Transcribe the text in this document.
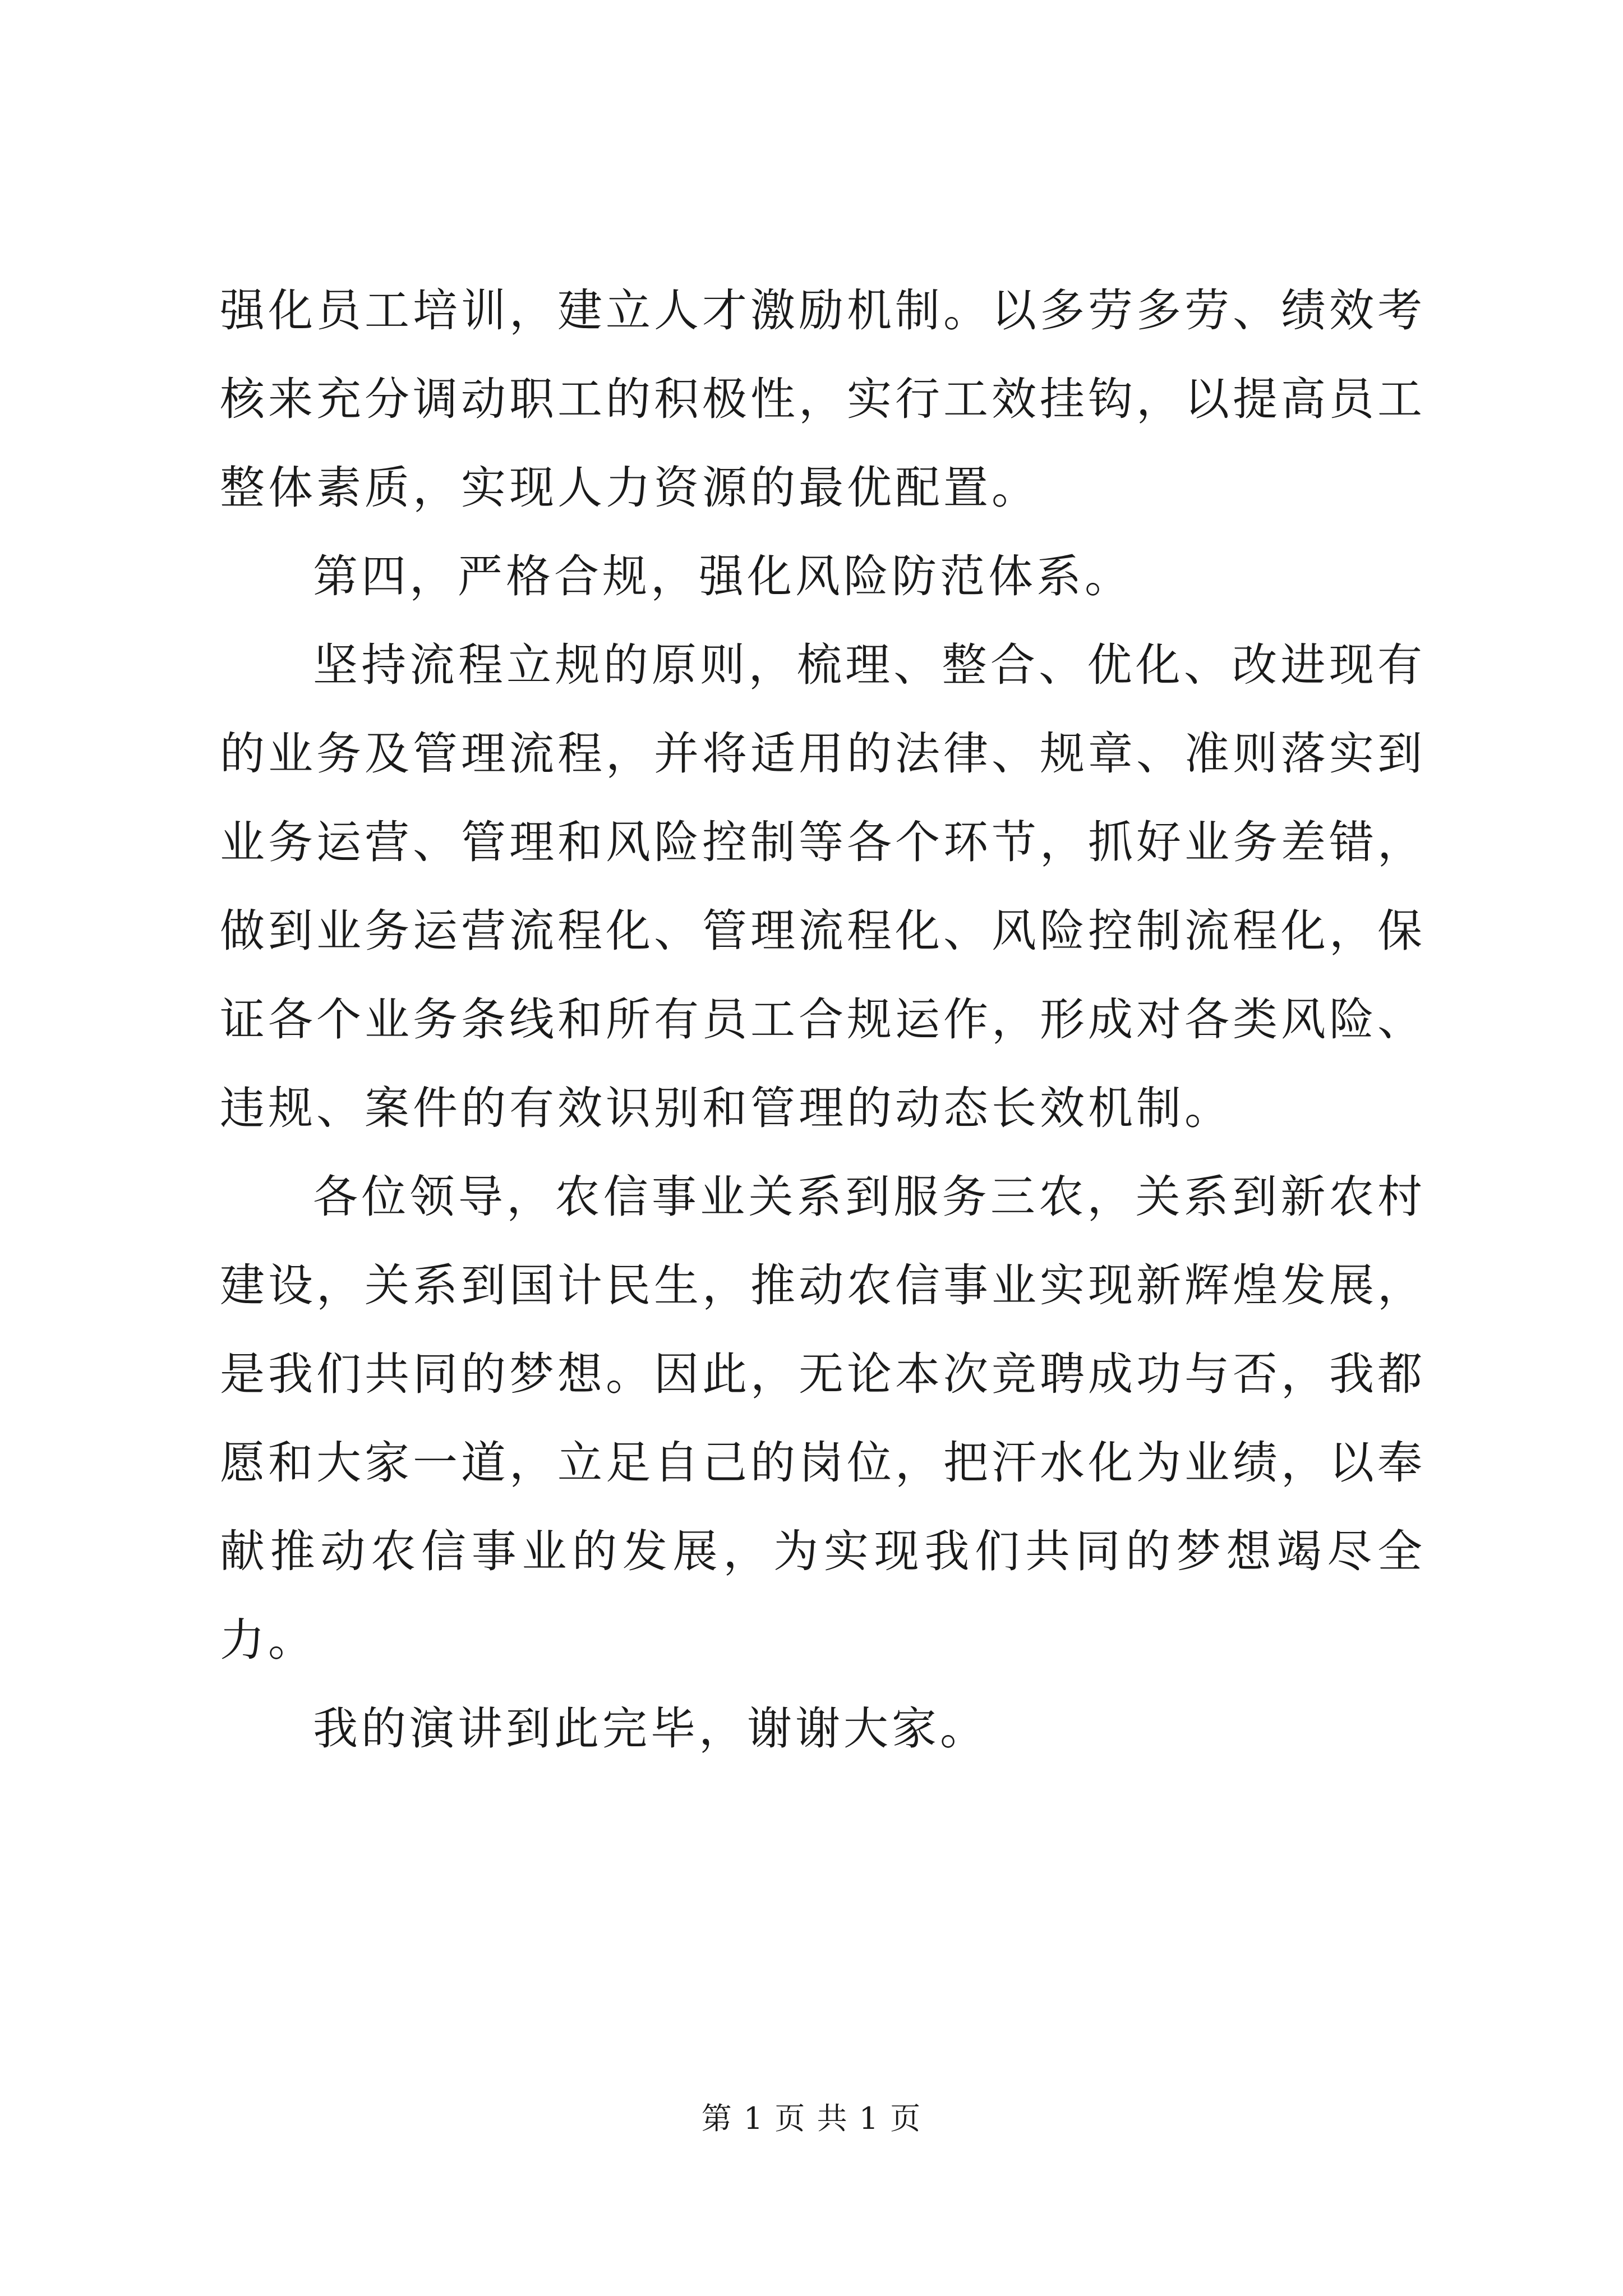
强化员工培训，建立人才激励机制。以多劳多劳、绩效考核来充分调动职工的积极性，实行工效挂钩，以提高员工整体素质，实现人力资源的最优配置。

第四，严格合规，强化风险防范体系。

坚持流程立规的原则，梳理、整合、优化、改进现有的业务及管理流程，并将适用的法律、规章、准则落实到业务运营、管理和风险控制等各个环节，抓好业务差错，做到业务运营流程化、管理流程化、风险控制流程化，保证各个业务条线和所有员工合规运作，形成对各类风险、违规、案件的有效识别和管理的动态长效机制。

各位领导，农信事业关系到服务三农，关系到新农村建设，关系到国计民生，推动农信事业实现新辉煌发展，是我们共同的梦想。因此，无论本次竞聘成功与否，我都愿和大家一道，立足自己的岗位，把汗水化为业绩，以奉献推动农信事业的发展，为实现我们共同的梦想竭尽全力。

我的演讲到此完毕，谢谢大家。

第 1 页 共 1 页
